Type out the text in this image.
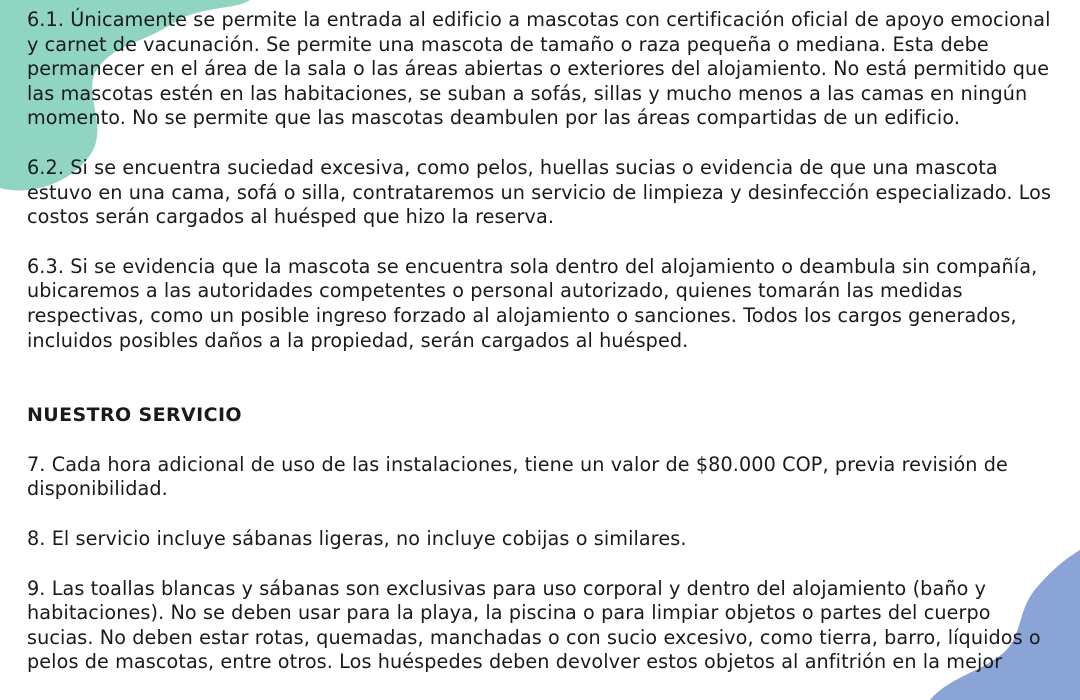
6.1. Únicamente se permite la entrada al edificio a mascotas con certificación oficial de apoyo emocional y carnet de vacunación. Se permite una mascota de tamaño o raza pequeña o mediana. Esta debe permanecer en el área de la sala o las áreas abiertas o exteriores del alojamiento. No está permitido que las mascotas estén en las habitaciones, se suban a sofás, sillas y mucho menos a las camas en ningún momento. No se permite que las mascotas deambulen por las áreas compartidas de un edificio.

6.2. Si se encuentra suciedad excesiva, como pelos, huellas sucias o evidencia de que una mascota estuvo en una cama, sofá o silla, contrataremos un servicio de limpieza y desinfección especializado. Los costos serán cargados al huésped que hizo la reserva.

6.3. Si se evidencia que la mascota se encuentra sola dentro del alojamiento o deambula sin compañía, ubicaremos a las autoridades competentes o personal autorizado, quienes tomarán las medidas respectivas, como un posible ingreso forzado al alojamiento o sanciones. Todos los cargos generados, incluidos posibles daños a la propiedad, serán cargados al huésped.

NUESTRO SERVICIO

7. Cada hora adicional de uso de las instalaciones, tiene un valor de $80.000 COP, previa revisión de disponibilidad.

8. El servicio incluye sábanas ligeras, no incluye cobijas o similares.

9. Las toallas blancas y sábanas son exclusivas para uso corporal y dentro del alojamiento (baño y habitaciones). No se deben usar para la playa, la piscina o para limpiar objetos o partes del cuerpo sucias. No deben estar rotas, quemadas, manchadas o con sucio excesivo, como tierra, barro, líquidos o pelos de mascotas, entre otros. Los huéspedes deben devolver estos objetos al anfitrión en la mejor
